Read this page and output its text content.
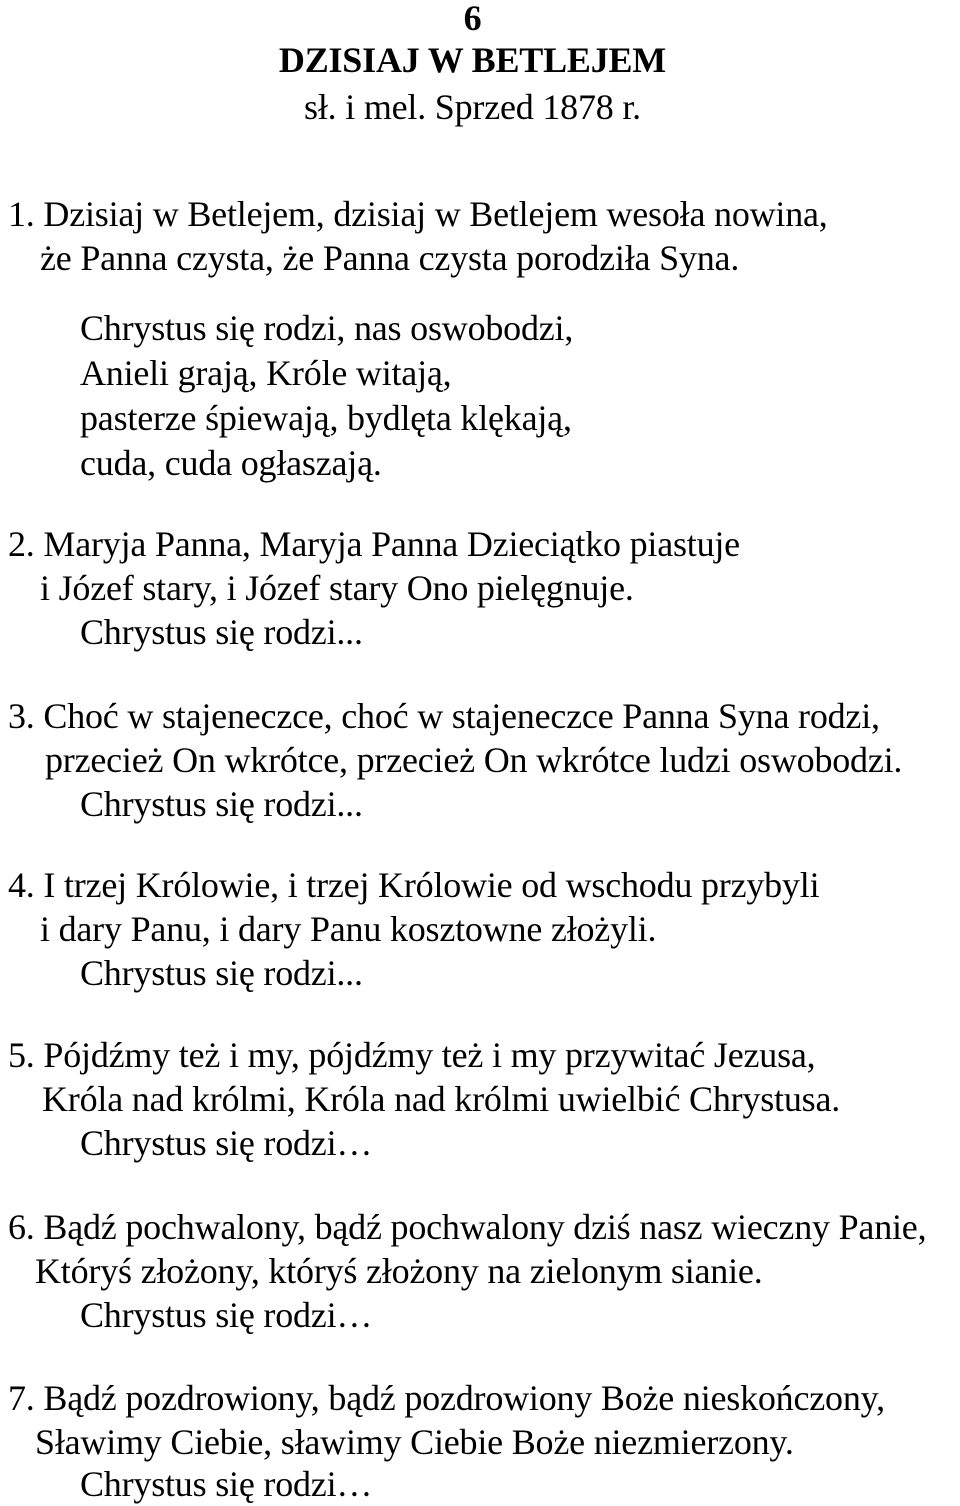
6
DZISIAJ W BETLEJEM
sł. i mel. Sprzed 1878 r.
1. Dzisiaj w Betlejem, dzisiaj w Betlejem wesoła nowina,
że Panna czysta, że Panna czysta porodziła Syna.
Chrystus się rodzi, nas oswobodzi,
Anieli grają, Króle witają,
pasterze śpiewają, bydlęta klękają,
cuda, cuda ogłaszają.
2. Maryja Panna, Maryja Panna Dzieciątko piastuje
i Józef stary, i Józef stary Ono pielęgnuje.
Chrystus się rodzi...
3. Choć w stajeneczce, choć w stajeneczce Panna Syna rodzi,
przecież On wkrótce, przecież On wkrótce ludzi oswobodzi.
Chrystus się rodzi...
4. I trzej Królowie, i trzej Królowie od wschodu przybyli
i dary Panu, i dary Panu kosztowne złożyli.
Chrystus się rodzi...
5. Pójdźmy też i my, pójdźmy też i my przywitać Jezusa,
Króla nad królmi, Króla nad królmi uwielbić Chrystusa.
Chrystus się rodzi…
6. Bądź pochwalony, bądź pochwalony dziś nasz wieczny Panie,
Któryś złożony, któryś złożony na zielonym sianie.
Chrystus się rodzi…
7. Bądź pozdrowiony, bądź pozdrowiony Boże nieskończony,
Sławimy Ciebie, sławimy Ciebie Boże niezmierzony.
Chrystus się rodzi…
